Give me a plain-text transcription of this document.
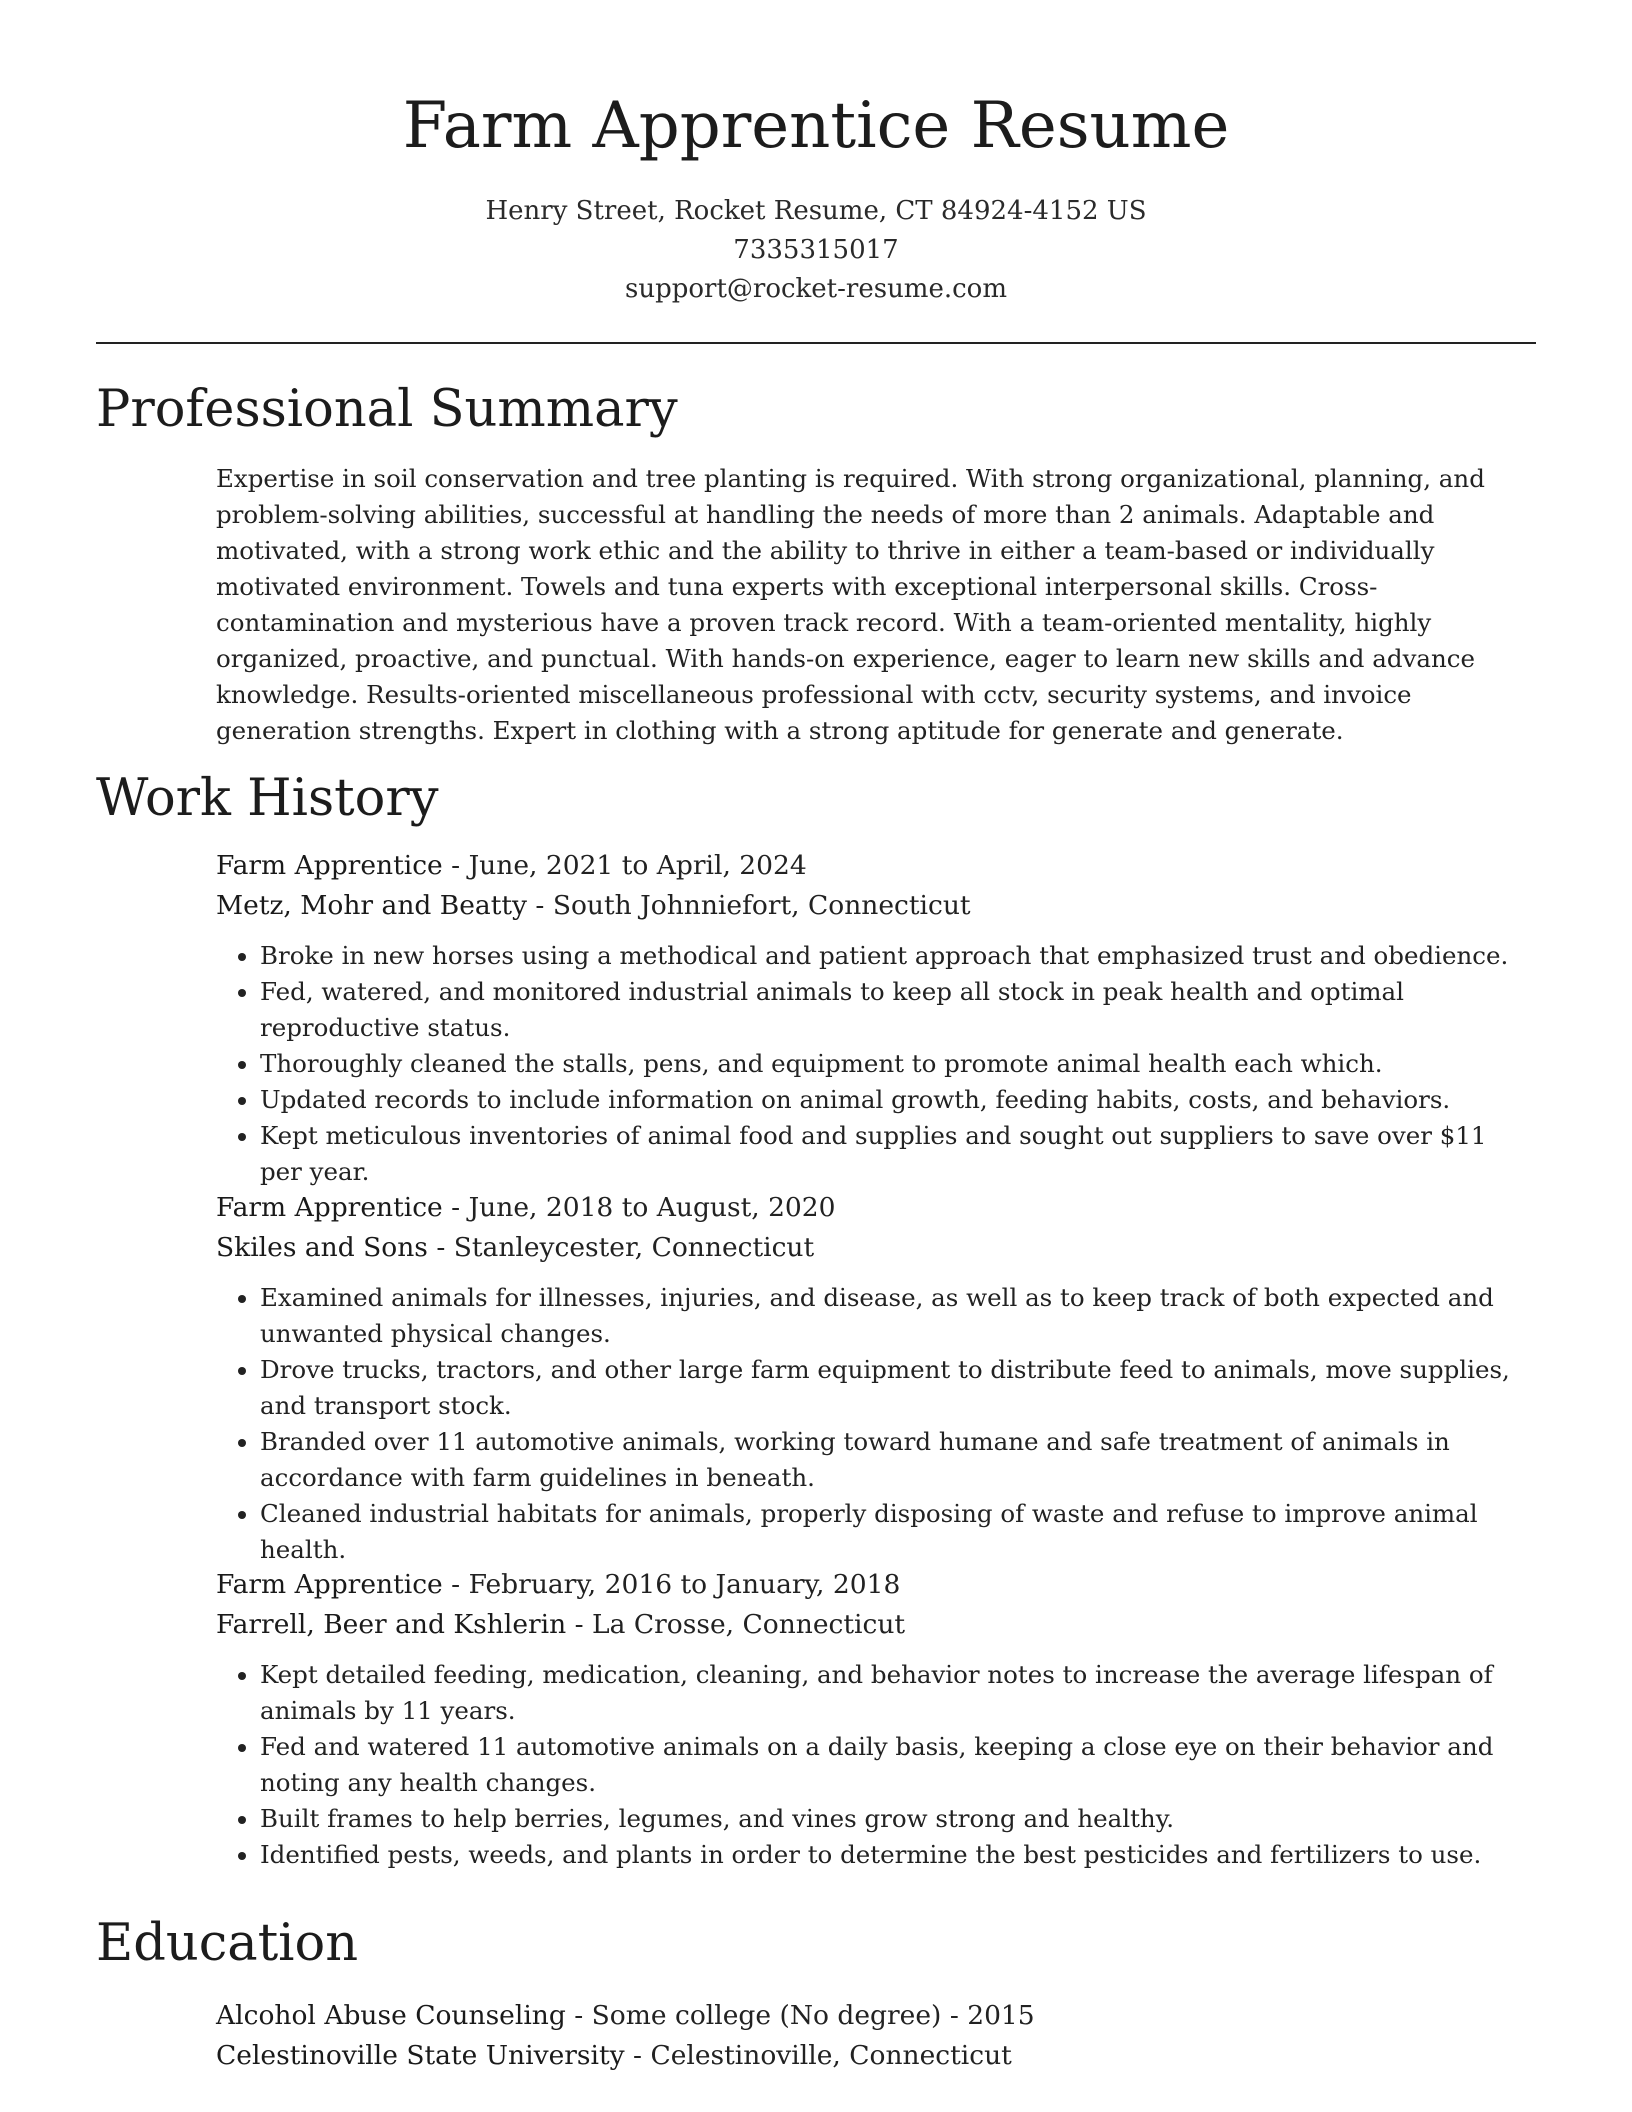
Farm Apprentice Resume
Henry Street, Rocket Resume, CT 84924-4152 US
7335315017
support@rocket-resume.com
Professional Summary

Expertise in soil conservation and tree planting is required. With strong organizational, planning, and problem-solving abilities, successful at handling the needs of more than 2 animals. Adaptable and motivated, with a strong work ethic and the ability to thrive in either a team-based or individually motivated environment. Towels and tuna experts with exceptional interpersonal skills. Cross-contamination and mysterious have a proven track record. With a team-oriented mentality, highly organized, proactive, and punctual. With hands-on experience, eager to learn new skills and advance knowledge. Results-oriented miscellaneous professional with cctv, security systems, and invoice generation strengths. Expert in clothing with a strong aptitude for generate and generate.

Work History
Farm Apprentice - June, 2021 to April, 2024
Metz, Mohr and Beatty - South Johnniefort, Connecticut
• Broke in new horses using a methodical and patient approach that emphasized trust and obedience.
• Fed, watered, and monitored industrial animals to keep all stock in peak health and optimal reproductive status.
• Thoroughly cleaned the stalls, pens, and equipment to promote animal health each which.
• Updated records to include information on animal growth, feeding habits, costs, and behaviors.
• Kept meticulous inventories of animal food and supplies and sought out suppliers to save over $11 per year.
Farm Apprentice - June, 2018 to August, 2020
Skiles and Sons - Stanleycester, Connecticut
• Examined animals for illnesses, injuries, and disease, as well as to keep track of both expected and unwanted physical changes.
• Drove trucks, tractors, and other large farm equipment to distribute feed to animals, move supplies, and transport stock.
• Branded over 11 automotive animals, working toward humane and safe treatment of animals in accordance with farm guidelines in beneath.
• Cleaned industrial habitats for animals, properly disposing of waste and refuse to improve animal health.
Farm Apprentice - February, 2016 to January, 2018
Farrell, Beer and Kshlerin - La Crosse, Connecticut
• Kept detailed feeding, medication, cleaning, and behavior notes to increase the average lifespan of animals by 11 years.
• Fed and watered 11 automotive animals on a daily basis, keeping a close eye on their behavior and noting any health changes.
• Built frames to help berries, legumes, and vines grow strong and healthy.
• Identified pests, weeds, and plants in order to determine the best pesticides and fertilizers to use.
Education
Alcohol Abuse Counseling - Some college (No degree) - 2015
Celestinoville State University - Celestinoville, Connecticut
